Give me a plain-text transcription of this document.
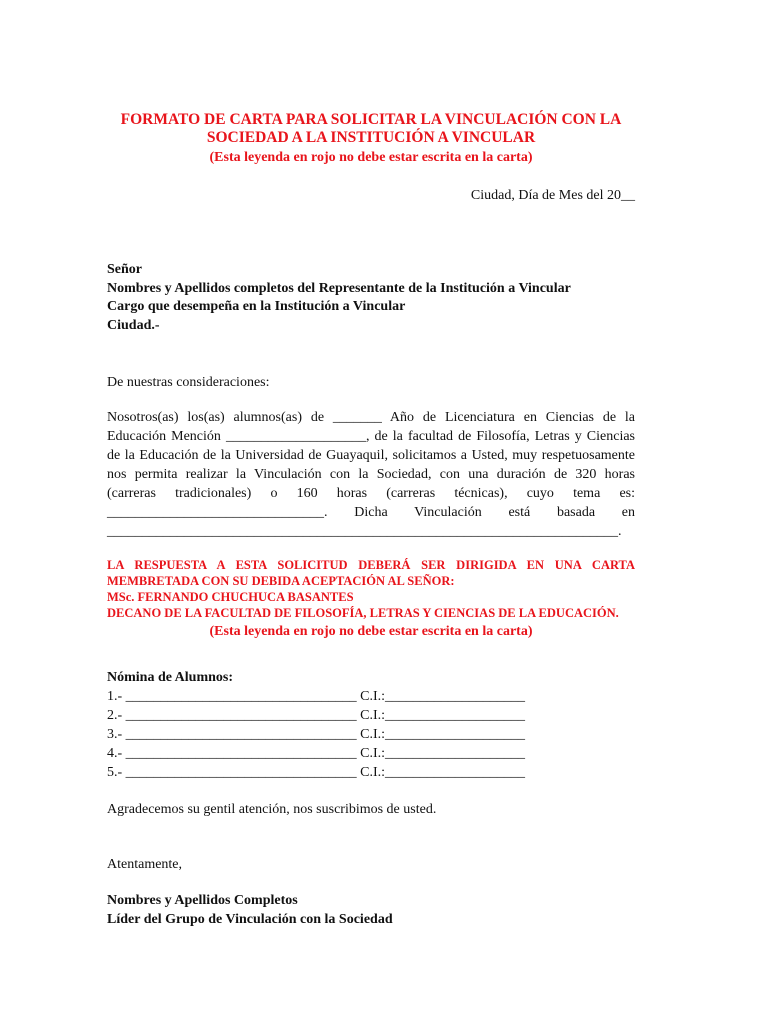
FORMATO DE CARTA PARA SOLICITAR LA VINCULACIÓN CON LA
SOCIEDAD A LA INSTITUCIÓN A VINCULAR
(Esta leyenda en rojo no debe estar escrita en la carta)
Ciudad, Día de Mes del 20__
Señor
Nombres y Apellidos completos del Representante de la Institución a Vincular
Cargo que desempeña en la Institución a Vincular
Ciudad.-
De nuestras consideraciones:
Nosotros(as) los(as) alumnos(as) de _______ Año de Licenciatura en Ciencias de la
Educación Mención ____________________, de la facultad de Filosofía, Letras y Ciencias
de la Educación de la Universidad de Guayaquil, solicitamos a Usted, muy respetuosamente
nos permita realizar la Vinculación con la Sociedad, con una duración de 320 horas
(carreras tradicionales) o 160 horas (carreras técnicas), cuyo tema es:
_______________________________. Dicha Vinculación está basada en
_________________________________________________________________________.
LA RESPUESTA A ESTA SOLICITUD DEBERÁ SER DIRIGIDA EN UNA CARTA
MEMBRETADA CON SU DEBIDA ACEPTACIÓN AL SEÑOR:
MSc. FERNANDO CHUCHUCA BASANTES
DECANO DE LA FACULTAD DE FILOSOFÍA, LETRAS Y CIENCIAS DE LA EDUCACIÓN.
(Esta leyenda en rojo no debe estar escrita en la carta)
Nómina de Alumnos:
1.- _________________________________ C.I.:____________________
2.- _________________________________ C.I.:____________________
3.- _________________________________ C.I.:____________________
4.- _________________________________ C.I.:____________________
5.- _________________________________ C.I.:____________________
Agradecemos su gentil atención, nos suscribimos de usted.
Atentamente,
Nombres y Apellidos Completos
Líder del Grupo de Vinculación con la Sociedad
